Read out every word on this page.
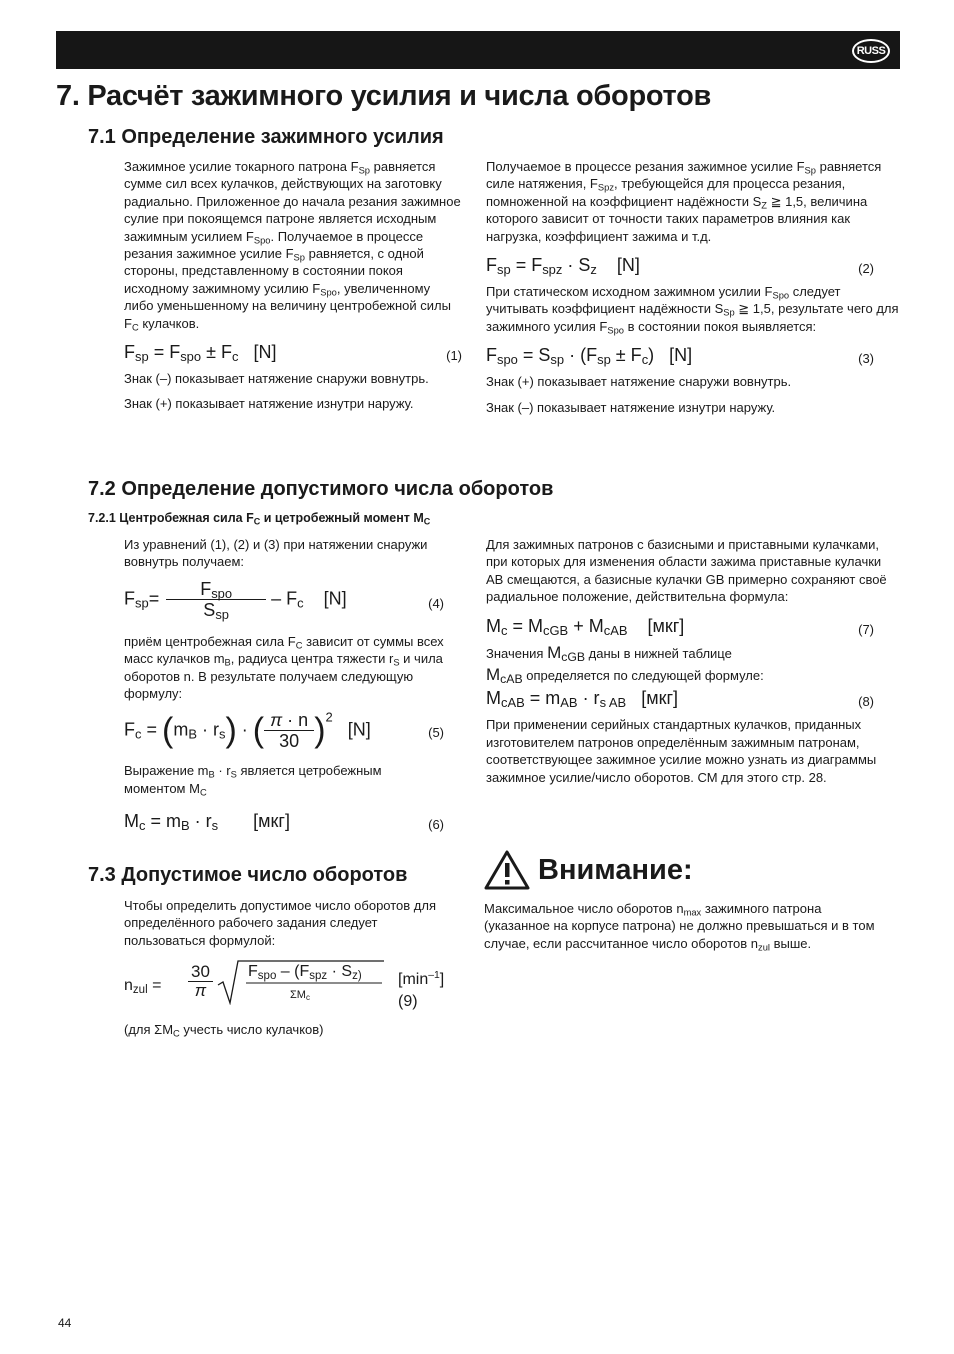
RUSS
7. Расчёт зажимного усилия и числа оборотов
7.1 Определение зажимного усилия

Зажимное усилие токарного патрона $F_{Sp}$ равняется сумме сил всех кулачков, действующих на заготовку радиально. Приложенное до начала резания зажимное сулие при покоящемся патроне является исходным зажимным усилием $F_{Spo}$. Получаемое в процессе резания зажимное усилие $F_{Sp}$ равняется, с одной стороны, представленному в состоянии покоя исходному зажимному усилию $F_{Spo}$, увеличенному либо уменьшенному на величину центробежной силы $F_C$ кулачков.

$F_{sp} = F_{spo} \pm F_c$   [N]	(1)

Знак (–) показывает натяжение снаружи вовнутрь.

Знак (+) показывает натяжение изнутри наружу.

Получаемое в процессе резания зажимное усилие $F_{Sp}$ равняется силе натяжения, $F_{Spz}$, требующейся для процесса резания, помноженной на коэффициент надёжности $S_Z$ ≧ 1,5, величина которого зависит от точности таких параметров влияния как нагрузка, коэффициент зажима и т.д.

$F_{sp} = F_{spz} \cdot S_z$    [N]	(2)

При статическом исходном зажимном усилии $F_{Spo}$ следует учитывать коэффициент надёжности $S_{Sp}$ ≧ 1,5, результате чего для зажимного усилия $F_{Spo}$ в состоянии покоя выявляется:

$F_{spo} = S_{sp} \cdot (F_{sp} \pm F_c)$   [N]	(3)

Знак (+) показывает натяжение снаружи вовнутрь.

Знак (–) показывает натяжение изнутри наружу.

7.2 Определение допустимого числа оборотов
7.2.1 Центробежная сила $F_C$ и цетробежный момент $M_C$

Из уравнений (1), (2) и (3) при натяжении снаружи вовнутрь получаем:

$F_{sp}= \frac{F_{spo}}{S_{sp}} - F_c$    [N]	(4)

приём центробежная сила $F_C$ зависит от суммы всех масс кулачков $m_B$, радиуса центра тяжести $r_S$ и чила оборотов n. В результате получаем следующую формулу:

$F_c = (m_B \cdot r_s)$ · ( $\frac{\pi \cdot n}{30} )^2$   [N]	(5)

Выражение $m_B \cdot r_S$ является цетробежным моментом $M_C$

$M_c = m_B \cdot r_s$       [мкг]	(6)

Для зажимных патронов с базисными и приставными кулачками, при которых для изменения области зажима приставные кулачки AB смещаются, а базисные кулачки GB примерно сохраняют своё радиальное положение, действительна формула:

$M_c = M_{cGB} + M_{cAB}$    [мкг]	(7)

Значения $M_{cGB}$ даны в нижней таблице

$M_{cAB}$ определяется по следующей формуле:

$M_{cAB} = m_{AB} \cdot r_{s AB}$   [мкг]	(8)

При применении серийных стандартных кулачков, приданных изготовителем патронов определённым зажимным патронам, соответствующее зажимное усилие можно узнать из диаграммы зажимное усилие/число оборотов. СМ для этого стр. 28.

7.3 Допустимое число оборотов

Чтобы определить допустимое число оборотов для определённого рабочего задания следует пользоваться формулой:

$n_{zul} = \frac{30}{\pi} F_{spo} - (F_{spz} \cdot S_{z)}$
$\Sigma M_c$
$[\min^{-1}]$
(9)

(для $\Sigma M_C$ учесть число кулачков)

Внимание:

Максимальное число оборотов $n_{max}$ зажимного патрона (указанное на корпусе патрона) не должно превышаться и в том случае, если рассчитанное число оборотов $n_{zul}$ выше.

44
